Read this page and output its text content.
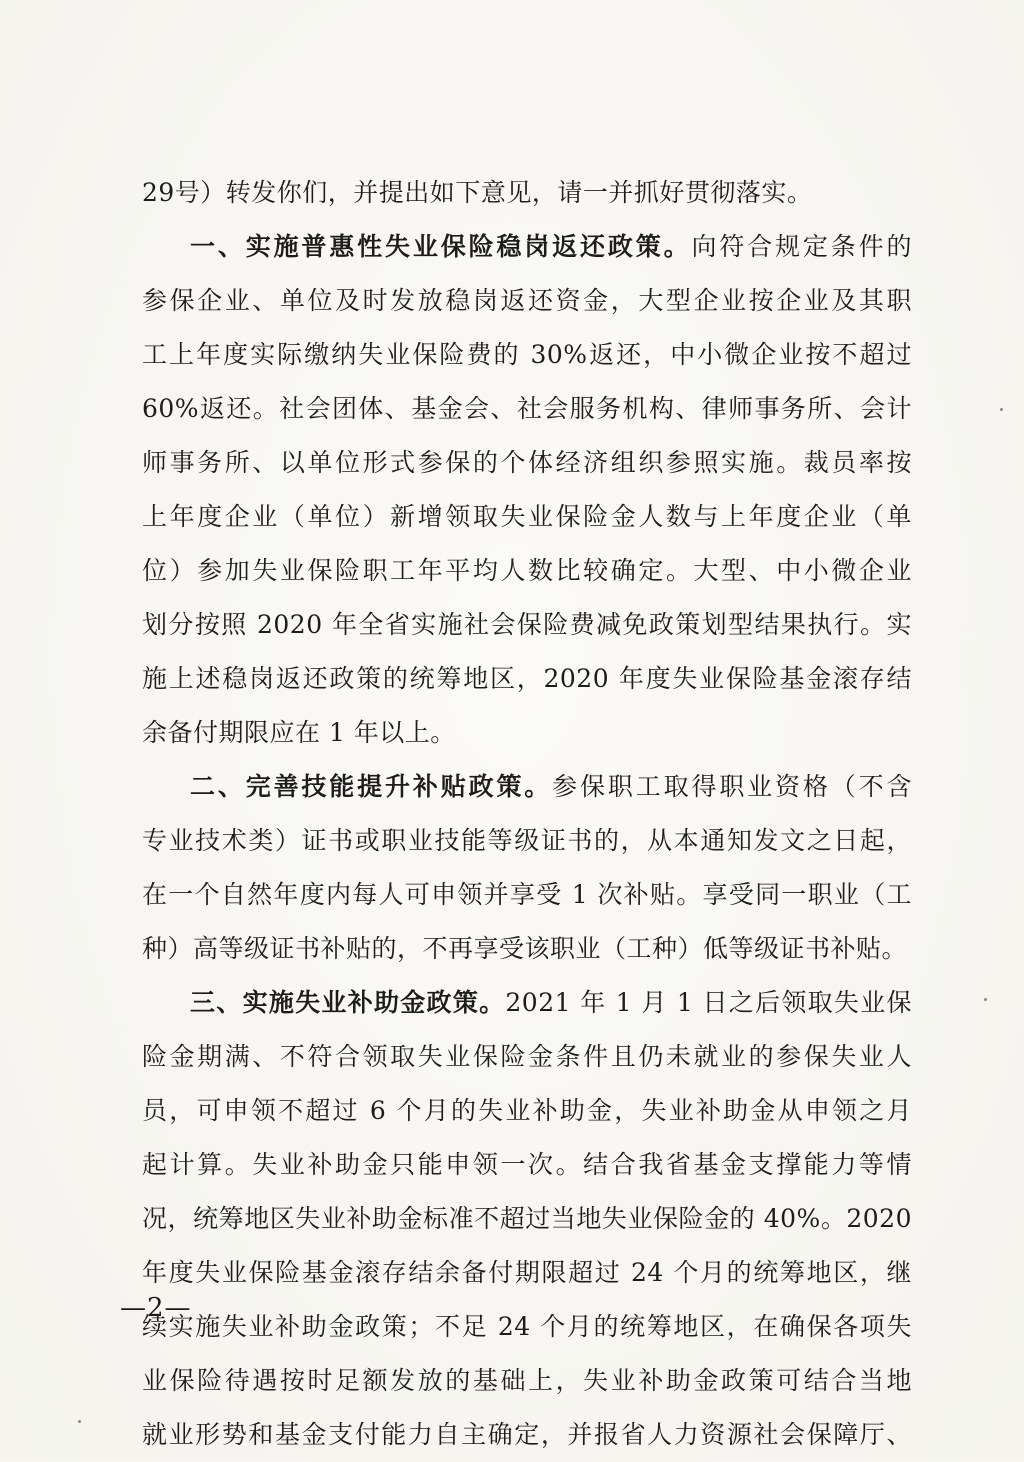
29号）转发你们，并提出如下意见，请一并抓好贯彻落实。
一、实施普惠性失业保险稳岗返还政策。向符合规定条件的
参保企业、单位及时发放稳岗返还资金，大型企业按企业及其职
工上年度实际缴纳失业保险费的 30%返还，中小微企业按不超过
60%返还。社会团体、基金会、社会服务机构、律师事务所、会计
师事务所、以单位形式参保的个体经济组织参照实施。裁员率按
上年度企业（单位）新增领取失业保险金人数与上年度企业（单
位）参加失业保险职工年平均人数比较确定。大型、中小微企业
划分按照 2020 年全省实施社会保险费减免政策划型结果执行。实
施上述稳岗返还政策的统筹地区，2020 年度失业保险基金滚存结
余备付期限应在 1 年以上。
二、完善技能提升补贴政策。参保职工取得职业资格（不含
专业技术类）证书或职业技能等级证书的，从本通知发文之日起，
在一个自然年度内每人可申领并享受 1 次补贴。享受同一职业（工
种）高等级证书补贴的，不再享受该职业（工种）低等级证书补贴。
三、实施失业补助金政策。2021 年 1 月 1 日之后领取失业保
险金期满、不符合领取失业保险金条件且仍未就业的参保失业人
员，可申领不超过 6 个月的失业补助金，失业补助金从申领之月
起计算。失业补助金只能申领一次。结合我省基金支撑能力等情
况，统筹地区失业补助金标准不超过当地失业保险金的 40%。2020
年度失业保险基金滚存结余备付期限超过 24 个月的统筹地区，继
续实施失业补助金政策；不足 24 个月的统筹地区，在确保各项失
业保险待遇按时足额发放的基础上，失业补助金政策可结合当地
就业形势和基金支付能力自主确定，并报省人力资源社会保障厅、
—2—
